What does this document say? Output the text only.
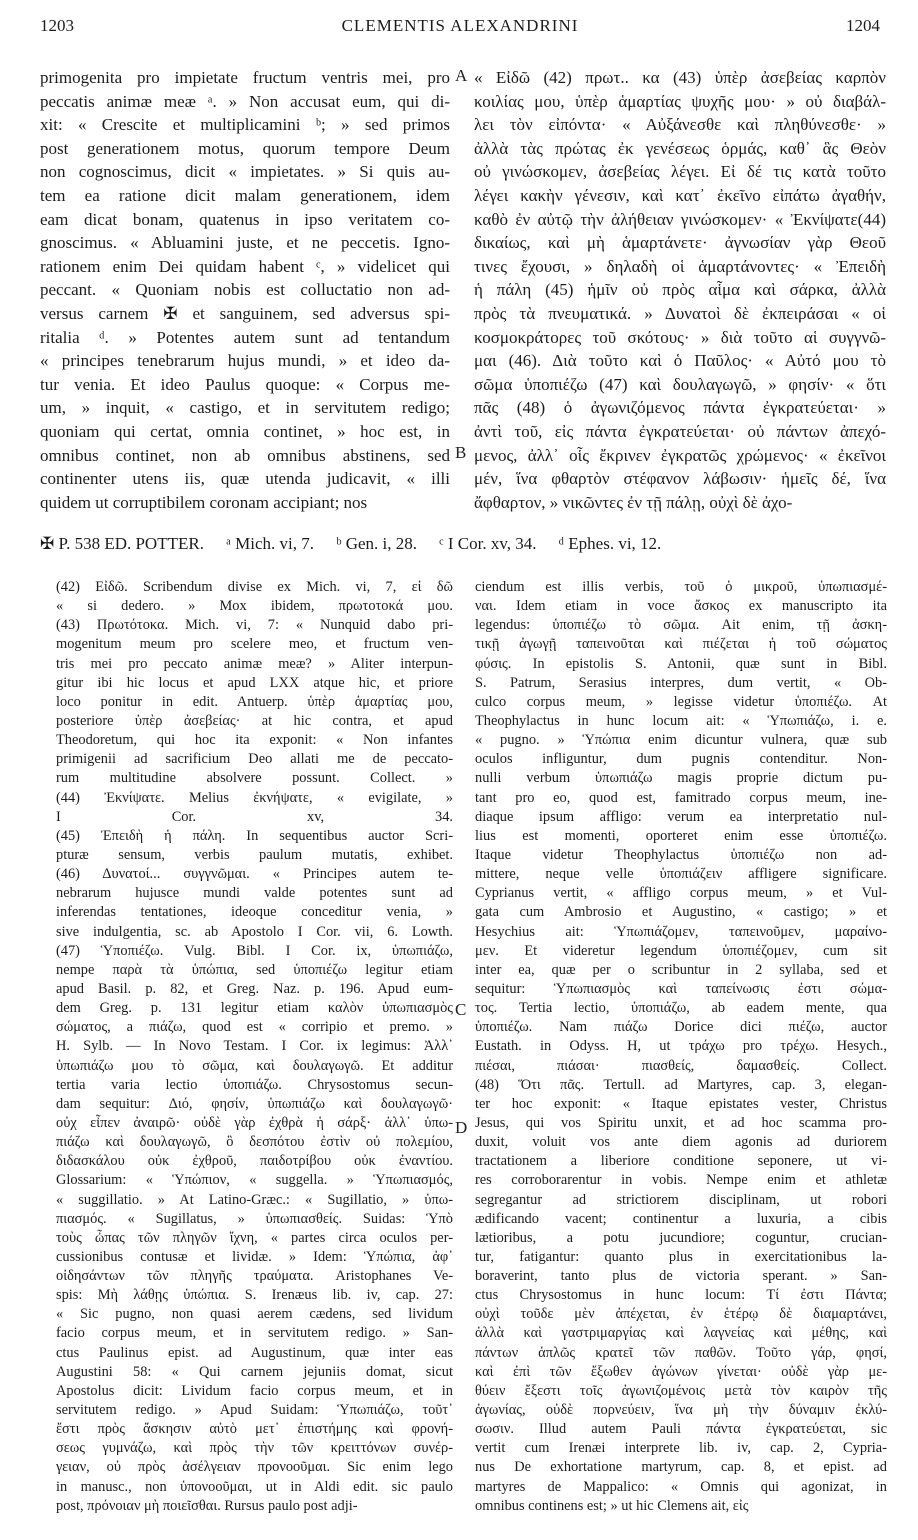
1203	CLEMENTIS ALEXANDRINI	1204
primogenita pro impietate fructum ventris mei, pro
peccatis animæ meæ ᵃ. » Non accusat eum, qui di-
xit: « Crescite et multiplicamini ᵇ; » sed primos
post generationem motus, quorum tempore Deum
non cognoscimus, dicit « impietates. » Si quis au-
tem ea ratione dicit malam generationem, idem
eam dicat bonam, quatenus in ipso veritatem co-
gnoscimus. « Abluamini juste, et ne peccetis. Igno-
rationem enim Dei quidam habent ᶜ, » videlicet qui
peccant. « Quoniam nobis est colluctatio non ad-
versus carnem ✠ et sanguinem, sed adversus spi-
ritalia ᵈ. » Potentes autem sunt ad tentandum
« principes tenebrarum hujus mundi, » et ideo da-
tur venia. Et ideo Paulus quoque: « Corpus me-
um, » inquit, « castigo, et in servitutem redigo;
quoniam qui certat, omnia continet, » hoc est, in
omnibus continet, non ab omnibus abstinens, sed
continenter utens iis, quæ utenda judicavit, « illi
quidem ut corruptibilem coronam accipiant; nos
« Εἰδῶ (42) πρωτ.. κα (43) ὑπὲρ ἀσεβείας καρπὸν
κοιλίας μου, ὑπὲρ ἁμαρτίας ψυχῆς μου· » οὐ διαβάλ-
λει τὸν εἰπόντα· « Αὐξάνεσθε καὶ πληθύνεσθε· »
ἀλλὰ τὰς πρώτας ἐκ γενέσεως ὁρμάς, καθ᾽ ἃς Θεὸν
οὐ γινώσκομεν, ἀσεβείας λέγει. Εἰ δέ τις κατὰ τοῦτο
λέγει κακὴν γένεσιν, καὶ κατ᾽ ἐκεῖνο εἰπάτω ἀγαθήν,
καθὸ ἐν αὐτῷ τὴν ἀλήθειαν γινώσκομεν· « Ἐκνίψατε(44)
δικαίως, καὶ μὴ ἁμαρτάνετε· ἀγνωσίαν γὰρ Θεοῦ
τινες ἔχουσι, » δηλαδὴ οἱ ἁμαρτάνοντες· « Ἐπειδὴ
ἡ πάλη (45) ἡμῖν οὐ πρὸς αἷμα καὶ σάρκα, ἀλλὰ
πρὸς τὰ πνευματικά. » Δυνατοὶ δὲ ἐκπειράσαι « οἱ
κοσμοκράτορες τοῦ σκότους· » διὰ τοῦτο αἱ συγγνῶ-
μαι (46). Διὰ τοῦτο καὶ ὁ Παῦλος· « Αὐτό μου τὸ
σῶμα ὑποπιέζω (47) καὶ δουλαγωγῶ, » φησίν· « ὅτι
πᾶς (48) ὁ ἀγωνιζόμενος πάντα ἐγκρατεύεται· »
ἀντὶ τοῦ, εἰς πάντα ἐγκρατεύεται· οὐ πάντων ἀπεχό-
μενος, ἀλλ᾽ οἷς ἔκρινεν ἐγκρατῶς χρώμενος· « ἐκεῖνοι
μέν, ἵνα φθαρτὸν στέφανον λάβωσιν· ἡμεῖς δέ, ἵνα
ἄφθαρτον, » νικῶντες ἐν τῇ πάλῃ, οὐχὶ δὲ ἀχο-
A
B
✠ P. 538 ED. POTTER. ᵃ Mich. vi, 7. ᵇ Gen. i, 28. ᶜ I Cor. xv, 34. ᵈ Ephes. vi, 12.
(42) Εἰδῶ. Scribendum divise ex Mich. vi, 7, εἰ δῶ
« si dedero. » Mox ibidem, πρωτοτοκά μου.
(43) Πρωτότοκα. Mich. vi, 7: « Nunquid dabo pri-
mogenitum meum pro scelere meo, et fructum ven-
tris mei pro peccato animæ meæ? » Aliter interpun-
gitur ibi hic locus et apud LXX atque hic, et priore
loco ponitur in edit. Antuerp. ὑπὲρ ἁμαρτίας μου,
posteriore ὑπὲρ ἀσεβείας· at hic contra, et apud
Theodoretum, qui hoc ita exponit: « Non infantes
primigenii ad sacrificium Deo allati me de peccato-
rum multitudine absolvere possunt. Collect. »
(44) Ἐκνίψατε. Melius ἐκνήψατε, « evigilate, »
I Cor. xv, 34.
(45) Ἐπειδὴ ἡ πάλη. In sequentibus auctor Scri-
pturæ sensum, verbis paulum mutatis, exhibet.
(46) Δυνατοί... συγγνῶμαι. « Principes autem te-
nebrarum hujusce mundi valde potentes sunt ad
inferendas tentationes, ideoque conceditur venia, »
sive indulgentia, sc. ab Apostolo I Cor. vii, 6. Lowth.
(47) Ὑποπιέζω. Vulg. Bibl. I Cor. ix, ὑπωπιάζω,
nempe παρὰ τὰ ὑπώπια, sed ὑποπιέζω legitur etiam
apud Basil. p. 82, et Greg. Naz. p. 196. Apud eum-
dem Greg. p. 131 legitur etiam καλὸν ὑπωπιασμὸς
σώματος, a πιάζω, quod est « corripio et premo. »
H. Sylb. — In Novo Testam. I Cor. ix legimus: Ἀλλ᾽
ὑπωπιάζω μου τὸ σῶμα, καὶ δουλαγωγῶ. Et additur
tertia varia lectio ὑποπιάζω. Chrysostomus secun-
dam sequitur: Διό, φησίν, ὑπωπιάζω καὶ δουλαγωγῶ·
οὐχ εἶπεν ἀναιρῶ· οὐδὲ γὰρ ἐχθρὰ ἡ σάρξ· ἀλλ᾽ ὑπω-
πιάζω καὶ δουλαγωγῶ, ὃ δεσπότου ἐστὶν οὐ πολεμίου,
διδασκάλου οὐκ ἐχθροῦ, παιδοτρίβου οὐκ ἐναντίου.
Glossarium: « Ὑπώπιον, « suggella. » Ὑπωπιασμός,
« suggillatio. » At Latino-Græc.: « Sugillatio, » ὑπω-
πιασμός. « Sugillatus, » ὑπωπιασθείς. Suidas: Ὑπὸ
τοὺς ὦπας τῶν πληγῶν ἴχνη, « partes circa oculos per-
cussionibus contusæ et lividæ. » Idem: Ὑπώπια, ἀφ᾽
οἰδησάντων τῶν πληγῆς τραύματα. Aristophanes Ve-
spis: Μὴ λάθῃς ὑπώπια. S. Irenæus lib. iv, cap. 27:
« Sic pugno, non quasi aerem cædens, sed lividum
facio corpus meum, et in servitutem redigo. » San-
ctus Paulinus epist. ad Augustinum, quæ inter eas
Augustini 58: « Qui carnem jejuniis domat, sicut
Apostolus dicit: Lividum facio corpus meum, et in
servitutem redigo. » Apud Suidam: Ὑπωπιάζω, τοῦτ᾽
ἔστι πρὸς ἄσκησιν αὐτὸ μετ᾽ ἐπιστήμης καὶ φρονή-
σεως γυμνάζω, καὶ πρὸς τὴν τῶν κρειττόνων συνέρ-
γειαν, οὐ πρὸς ἀσέλγειαν προνοοῦμαι. Sic enim lego
in manusc., non ὑπονοοῦμαι, ut in Aldi edit. sic paulo
post, πρόνοιαν μὴ ποιεῖσθαι. Rursus paulo post adji-
ciendum est illis verbis, τοῦ ὁ μικροῦ, ὑπωπιασμέ-
ναι. Idem etiam in voce ἄσκος ex manuscripto ita
legendus: ὑποπιέζω τὸ σῶμα. Ait enim, τῇ ἀσκη-
τικῇ ἀγωγῇ ταπεινοῦται καὶ πιέζεται ἡ τοῦ σώματος
φύσις. In epistolis S. Antonii, quæ sunt in Bibl.
S. Patrum, Serasius interpres, dum vertit, « Ob-
culco corpus meum, » legisse videtur ὑποπιέζω. At
Theophylactus in hunc locum ait: « Ὑπωπιάζω, i. e.
« pugno. » Ὑπώπια enim dicuntur vulnera, quæ sub
oculos infliguntur, dum pugnis contenditur. Non-
nulli verbum ὑπωπιάζω magis proprie dictum pu-
tant pro eo, quod est, famitrado corpus meum, ine-
diaque ipsum affligo: verum ea interpretatio nul-
lius est momenti, oporteret enim esse ὑποπιέζω.
Itaque videtur Theophylactus ὑποπιέζω non ad-
mittere, neque velle ὑποπιάζειν affligere significare.
Cyprianus vertit, « affligo corpus meum, » et Vul-
gata cum Ambrosio et Augustino, « castigo; » et
Hesychius ait: Ὑπωπιάζομεν, ταπεινοῦμεν, μαραίνο-
μεν. Et videretur legendum ὑποπιέζομεν, cum sit
inter ea, quæ per o scribuntur in 2 syllaba, sed et
sequitur: Ὑπωπιασμὸς καὶ ταπείνωσις ἐστι σώμα-
τος. Tertia lectio, ὑποπιάζω, ab eadem mente, qua
ὑποπιέζω. Nam πιάζω Dorice dici πιέζω, auctor
Eustath. in Odyss. H, ut τράχω pro τρέχω. Hesych.,
πιέσαι, πιάσαι· πιασθείς, δαμασθείς. Collect.
(48) Ὅτι πᾶς. Tertull. ad Martyres, cap. 3, elegan-
ter hoc exponit: « Itaque epistates vester, Christus
Jesus, qui vos Spiritu unxit, et ad hoc scamma pro-
duxit, voluit vos ante diem agonis ad duriorem
tractationem a liberiore conditione seponere, ut vi-
res corroborarentur in vobis. Nempe enim et athletæ
segregantur ad strictiorem disciplinam, ut robori
ædificando vacent; continentur a luxuria, a cibis
lætioribus, a potu jucundiore; coguntur, crucian-
tur, fatigantur: quanto plus in exercitationibus la-
boraverint, tanto plus de victoria sperant. » San-
ctus Chrysostomus in hunc locum: Τί ἐστι Πάντα;
οὐχὶ τοῦδε μὲν ἀπέχεται, ἐν ἑτέρῳ δὲ διαμαρτάνει,
ἀλλὰ καὶ γαστριμαργίας καὶ λαγνείας καὶ μέθης, καὶ
πάντων ἁπλῶς κρατεῖ τῶν παθῶν. Τοῦτο γάρ, φησί,
καὶ ἐπὶ τῶν ἔξωθεν ἀγώνων γίνεται· οὐδὲ γὰρ με-
θύειν ἔξεστι τοῖς ἀγωνιζομένοις μετὰ τὸν καιρὸν τῆς
ἀγωνίας, οὐδὲ πορνεύειν, ἵνα μὴ τὴν δύναμιν ἐκλύ-
σωσιν. Illud autem Pauli πάντα ἐγκρατεύεται, sic
vertit cum Irenæi interprete lib. iv, cap. 2, Cypria-
nus De exhortatione martyrum, cap. 8, et epist. ad
martyres de Mappalico: « Omnis qui agonizat, in
omnibus continens est; » ut hic Clemens ait, εἰς
C
D
